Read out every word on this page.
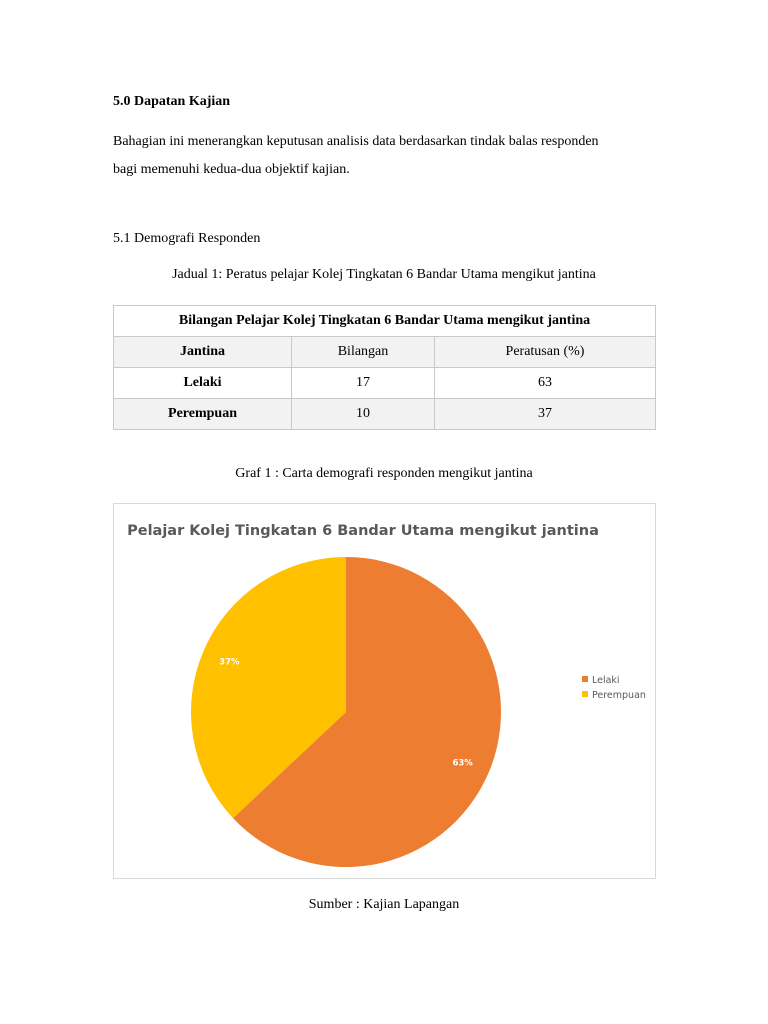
5.0 Dapatan Kajian
Bahagian ini menerangkan keputusan analisis data berdasarkan tindak balas responden
bagi memenuhi kedua-dua objektif kajian.
5.1 Demografi Responden
Jadual 1: Peratus pelajar Kolej Tingkatan 6 Bandar Utama mengikut jantina
Bilangan Pelajar Kolej Tingkatan 6 Bandar Utama mengikut jantina		
Jantina	Bilangan	Peratusan (%)
Lelaki	17	63
Perempuan	10	37
Graf 1 : Carta demografi responden mengikut jantina
Pelajar Kolej Tingkatan 6 Bandar Utama mengikut jantina
63%
37%
Lelaki
Perempuan
Sumber : Kajian Lapangan
